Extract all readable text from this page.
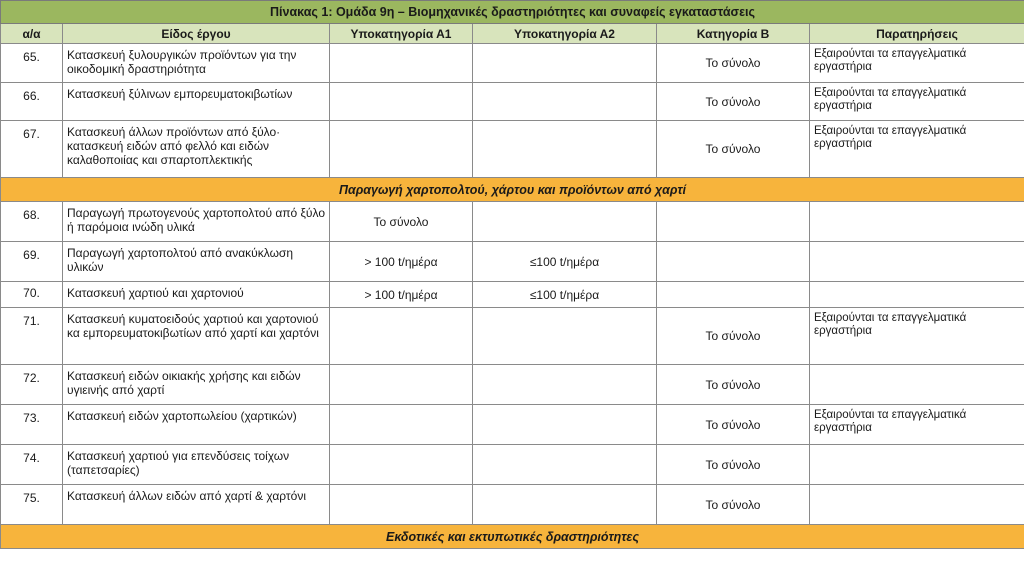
Πίνακας 1: Ομάδα 9η – Βιομηχανικές δραστηριότητες και συναφείς εγκαταστάσεις					
α/α	Είδος έργου	Υποκατηγορία Α1	Υποκατηγορία Α2	Κατηγορία Β	Παρατηρήσεις
65.	Κατασκευή ξυλουργικών προϊόντων για την οικοδομική δραστηριότητα			Το σύνολο	Εξαιρούνται τα επαγγελματικά εργαστήρια
66.	Κατασκευή ξύλινων εμπορευματοκιβωτίων			Το σύνολο	Εξαιρούνται τα επαγγελματικά εργαστήρια
67.	Κατασκευή άλλων προϊόντων από ξύλο· κατασκευή ειδών από φελλό και ειδών καλαθοποιίας και σπαρτοπλεκτικής			Το σύνολο	Εξαιρούνται τα επαγγελματικά εργαστήρια
Παραγωγή χαρτοπολτού, χάρτου και προϊόντων από χαρτί					
68.	Παραγωγή πρωτογενούς χαρτοπολτού από ξύλο ή παρόμοια ινώδη υλικά	Το σύνολο			
69.	Παραγωγή χαρτοπολτού από ανακύκλωση υλικών	> 100 t/ημέρα	≤100 t/ημέρα		
70.	Κατασκευή χαρτιού και χαρτονιού	> 100 t/ημέρα	≤100 t/ημέρα		
71.	Κατασκευή κυματοειδούς χαρτιού και χαρτονιού κα εμπορευματοκιβωτίων από χαρτί και χαρτόνι			Το σύνολο	Εξαιρούνται τα επαγγελματικά εργαστήρια
72.	Κατασκευή ειδών οικιακής χρήσης και ειδών υγιεινής από χαρτί			Το σύνολο	
73.	Κατασκευή ειδών χαρτοπωλείου (χαρτικών)			Το σύνολο	Εξαιρούνται τα επαγγελματικά εργαστήρια
74.	Κατασκευή χαρτιού για επενδύσεις τοίχων (ταπετσαρίες)			Το σύνολο	
75.	Κατασκευή άλλων ειδών από χαρτί & χαρτόνι			Το σύνολο	
Εκδοτικές και εκτυπωτικές δραστηριότητες					
